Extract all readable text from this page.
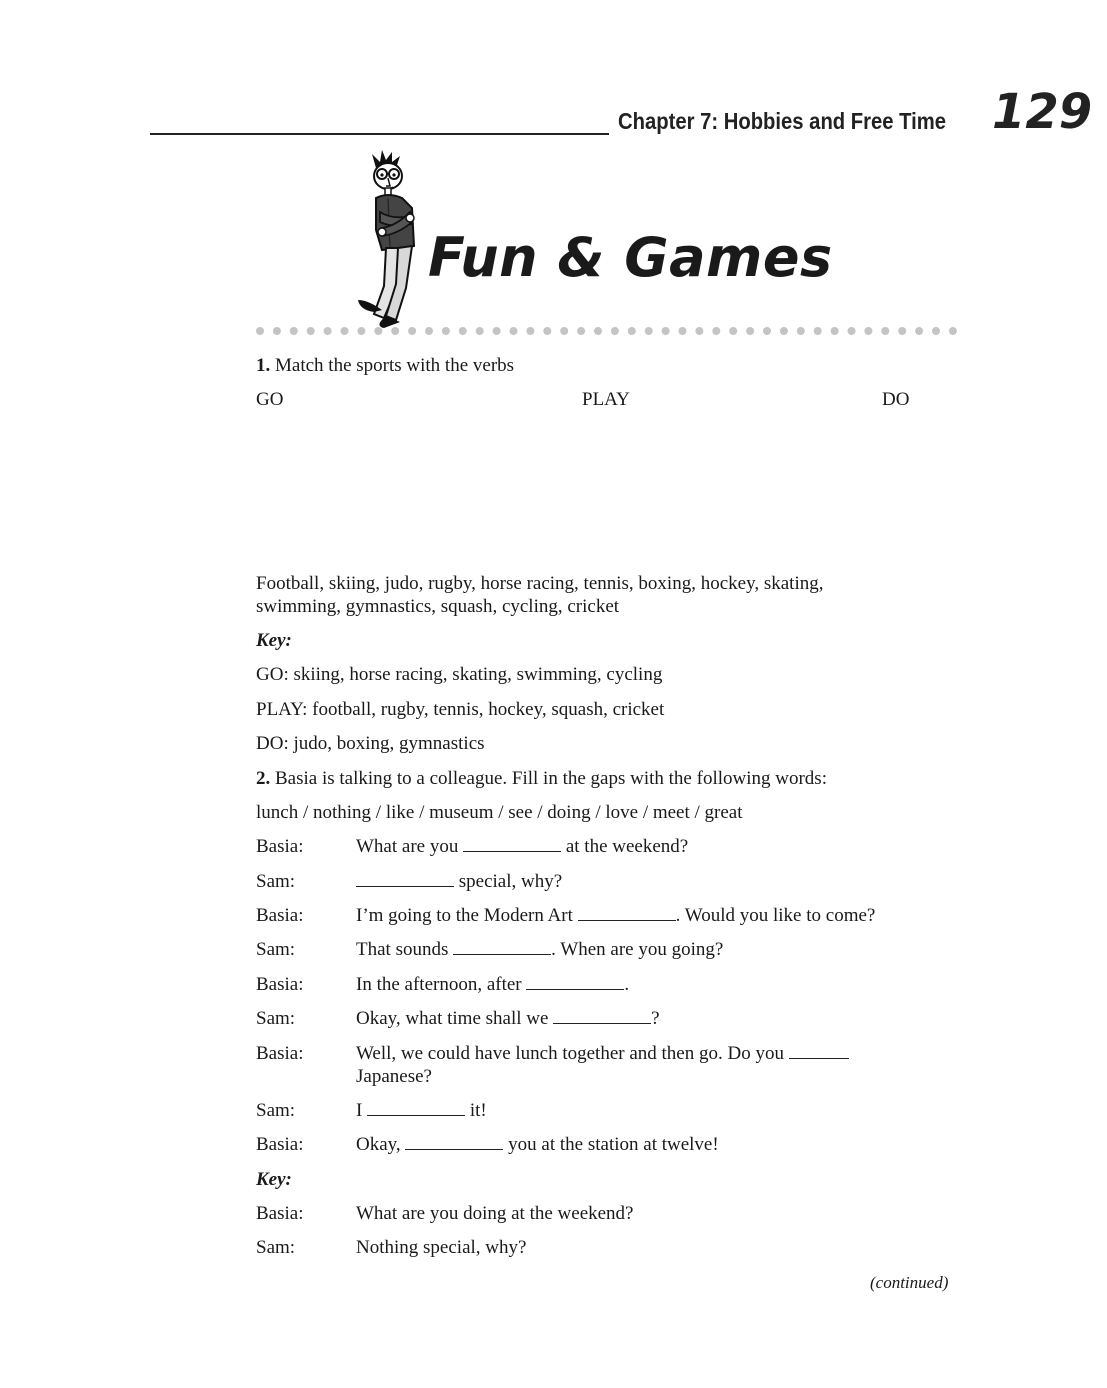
Chapter 7: Hobbies and Free Time 129
Fun & Games
1. Match the sports with the verbs
GO	PLAY	DO
Football, skiing, judo, rugby, horse racing, tennis, boxing, hockey, skating,
swimming, gymnastics, squash, cycling, cricket
Key:
GO: skiing, horse racing, skating, swimming, cycling
PLAY: football, rugby, tennis, hockey, squash, cricket
DO: judo, boxing, gymnastics
2. Basia is talking to a colleague. Fill in the gaps with the following words:
lunch / nothing / like / museum / see / doing / love / meet / great
Basia:	What are you	at the weekend?
Sam:	special, why?
Basia:	I’m going to the Modern Art	. Would you like to come?
Sam:	That sounds	. When are you going?
Basia:	In the afternoon, after	.
Sam:	Okay, what time shall we	?
Basia:	Well, we could have lunch together and then go. Do you
Japanese?
Sam:	I	it!
Basia:	Okay,	you at the station at twelve!
Key:
Basia:	What are you doing at the weekend?
Sam:	Nothing special, why?
(continued)
